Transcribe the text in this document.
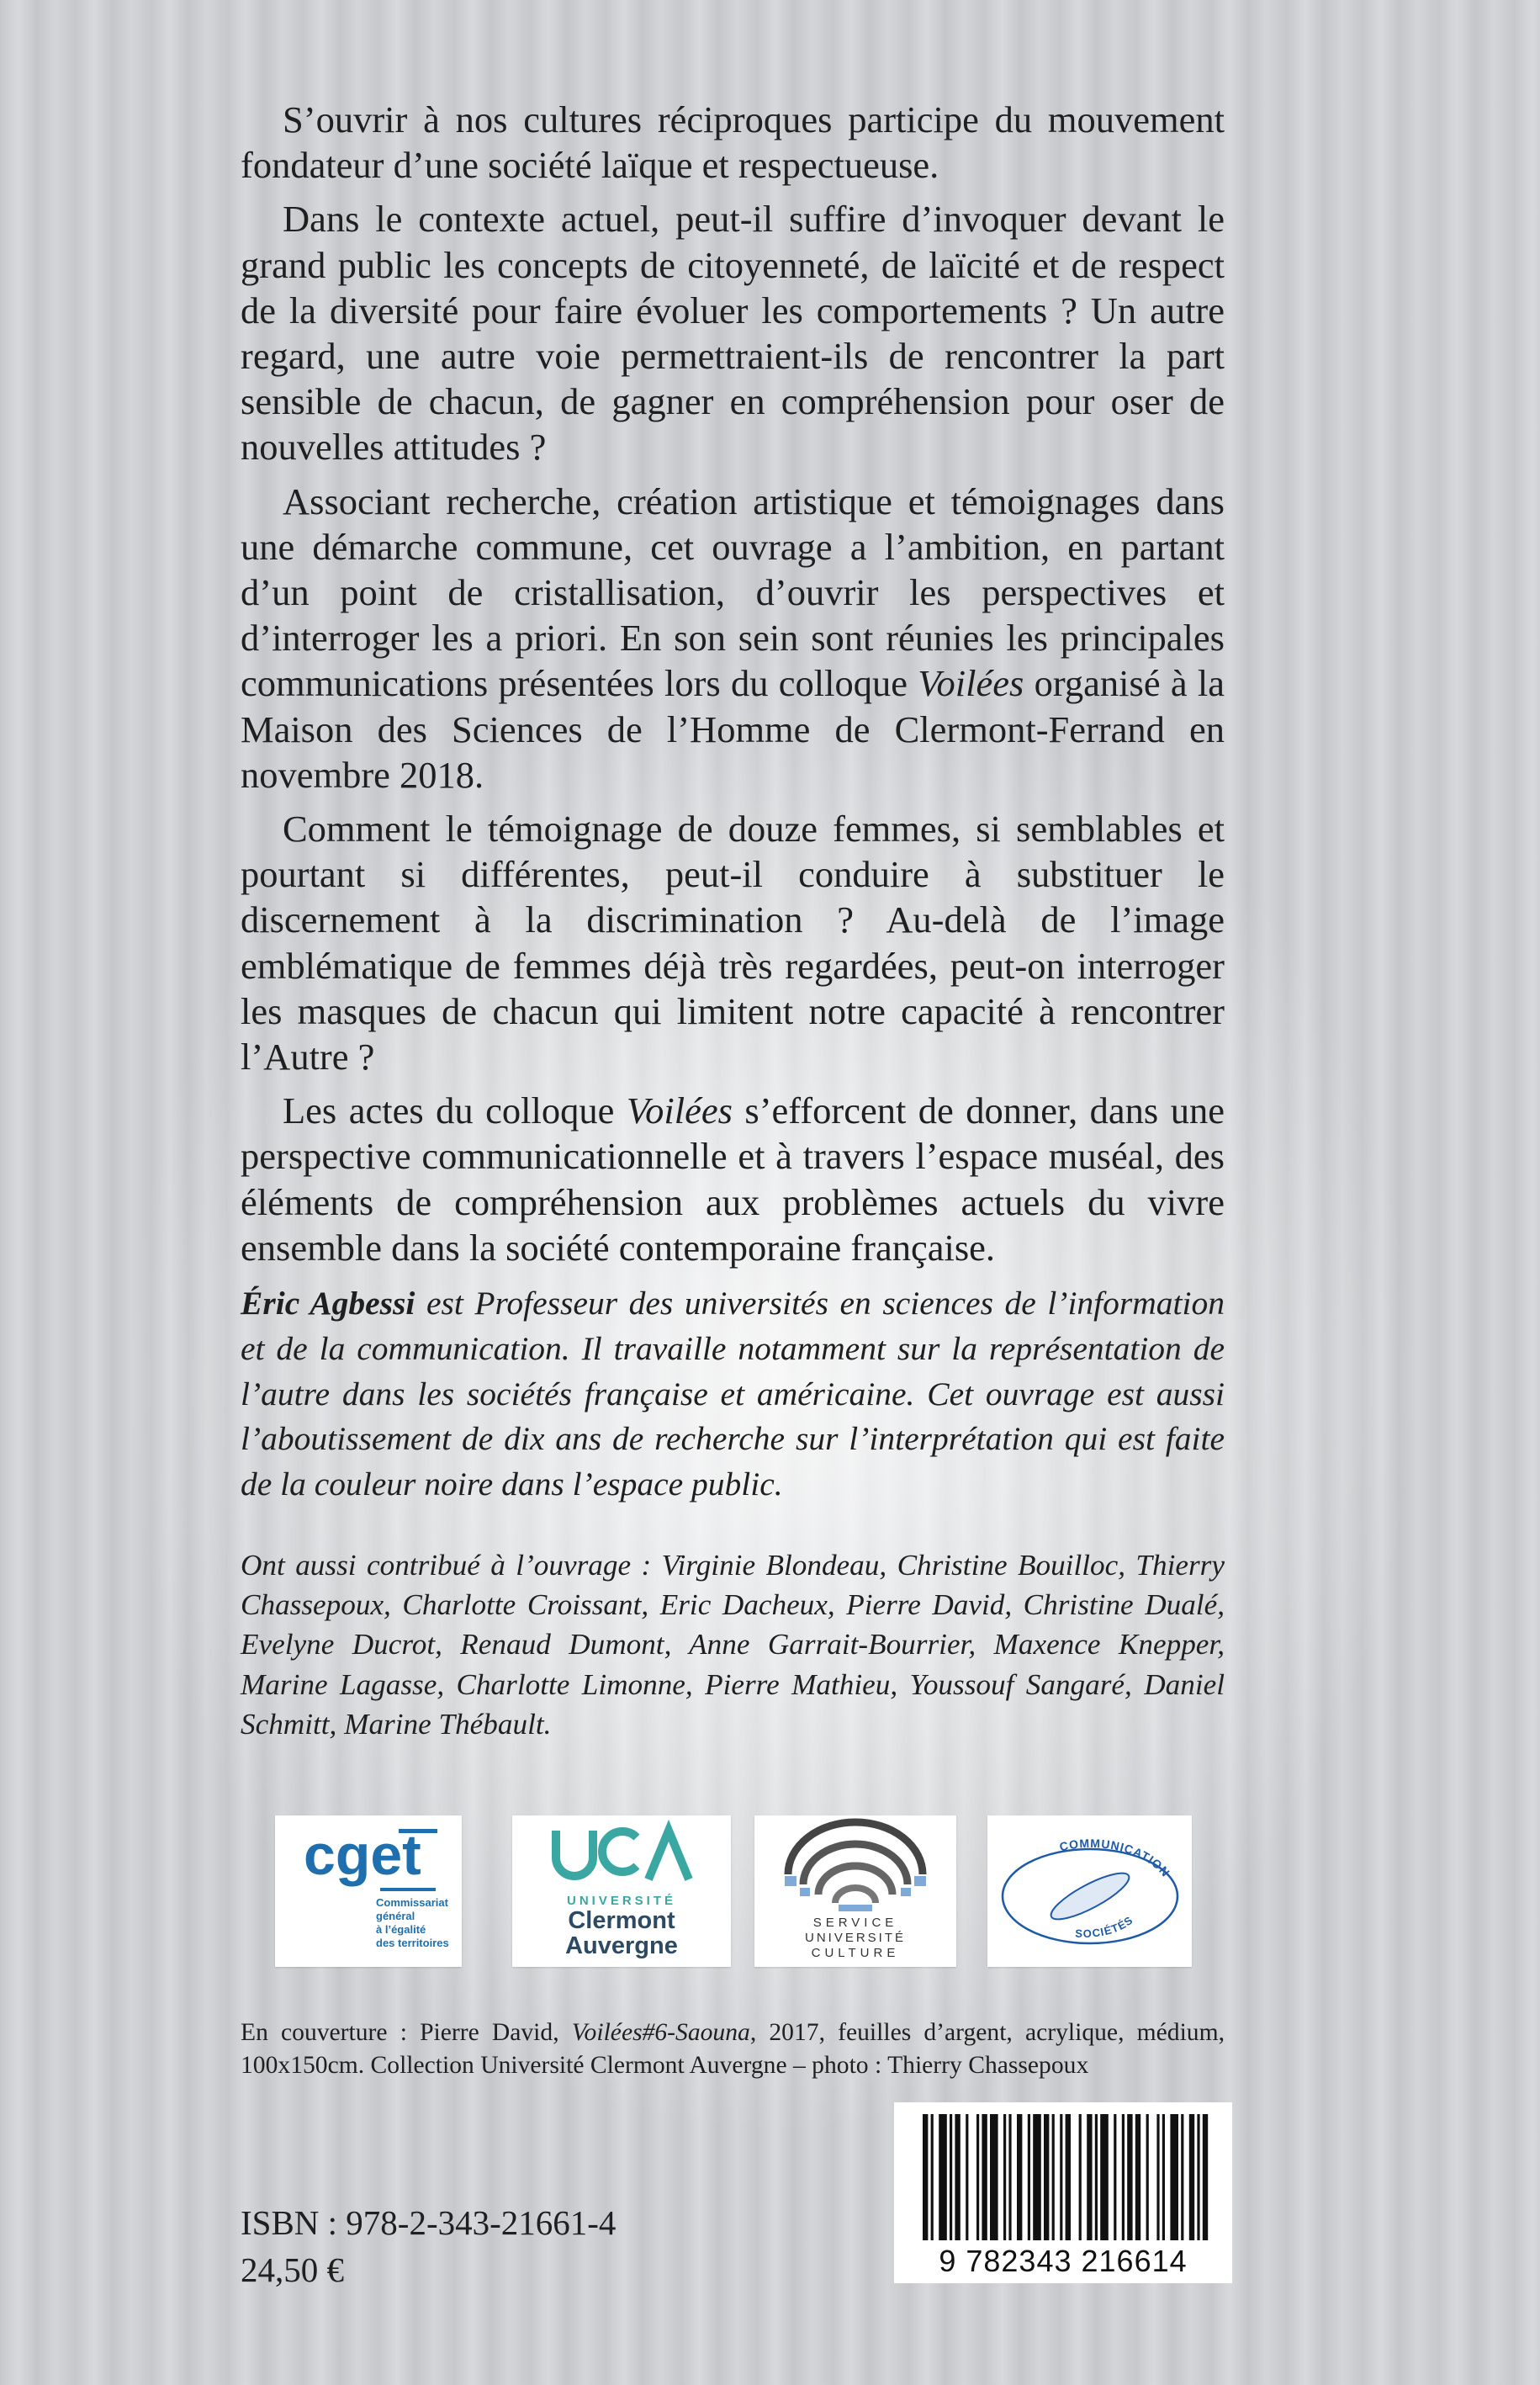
S’ouvrir à nos cultures réciproques participe du mouvement fondateur d’une société laïque et respectueuse.

Dans le contexte actuel, peut-il suffire d’invoquer devant le grand public les concepts de citoyenneté, de laïcité et de respect de la diversité pour faire évoluer les comportements ? Un autre regard, une autre voie permettraient-ils de rencontrer la part sensible de chacun, de gagner en compréhension pour oser de nouvelles attitudes ?

Associant recherche, création artistique et témoignages dans une démarche commune, cet ouvrage a l’ambition, en partant d’un point de cristallisation, d’ouvrir les perspectives et d’interroger les a priori. En son sein sont réunies les principales communications présentées lors du colloque Voilées organisé à la Maison des Sciences de l’Homme de Clermont-Ferrand en novembre 2018.

Comment le témoignage de douze femmes, si semblables et pourtant si différentes, peut-il conduire à substituer le discernement à la discrimination ? Au-delà de l’image emblématique de femmes déjà très regardées, peut-on interroger les masques de chacun qui limitent notre capacité à rencontrer l’Autre ?

Les actes du colloque Voilées s’efforcent de donner, dans une perspective communicationnelle et à travers l’espace muséal, des éléments de compréhension aux problèmes actuels du vivre ensemble dans la société contemporaine française.

Éric Agbessi est Professeur des universités en sciences de l’information et de la communication. Il travaille notamment sur la représentation de l’autre dans les sociétés française et américaine. Cet ouvrage est aussi l’aboutissement de dix ans de recherche sur l’interprétation qui est faite de la couleur noire dans l’espace public.

Ont aussi contribué à l’ouvrage : Virginie Blondeau, Christine Bouilloc, Thierry Chassepoux, Charlotte Croissant, Eric Dacheux, Pierre David, Christine Dualé, Evelyne Ducrot, Renaud Dumont, Anne Garrait-Bourrier, Maxence Knepper, Marine Lagasse, Charlotte Limonne, Pierre Mathieu, Youssouf Sangaré, Daniel Schmitt, Marine Thébault.

cget
Commissariat
général
à l’égalité
des territoires
UNIVERSITÉ
Clermont
Auvergne
SERVICE
UNIVERSITÉ
CULTURE
COMMUNICATION
SOCIÉTÉS

En couverture : Pierre David, Voilées#6-Saouna, 2017, feuilles d’argent, acrylique, médium, 100x150cm. Collection Université Clermont Auvergne – photo : Thierry Chassepoux

ISBN : 978-2-343-21661-4

24,50 €	9 782343 216614
